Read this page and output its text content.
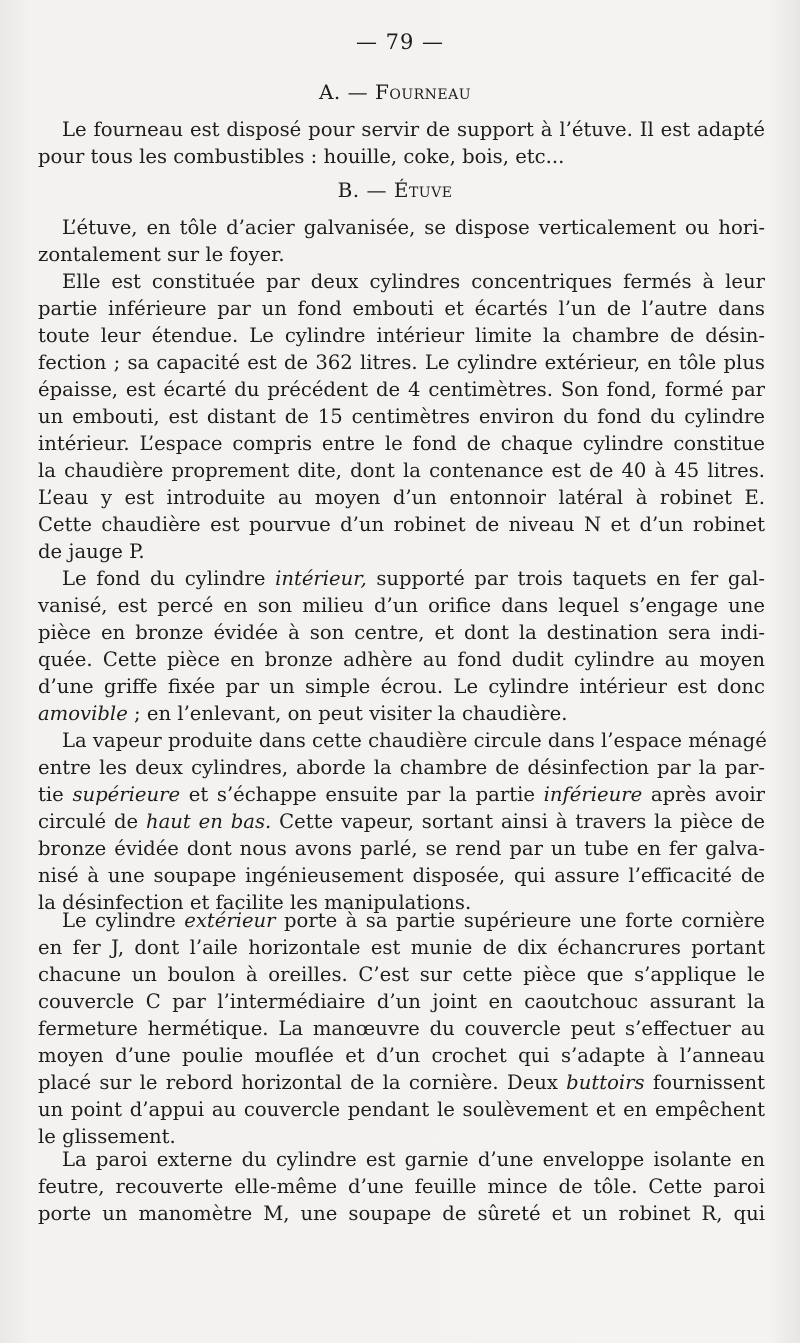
— 79 —
A. — Fourneau
Le fourneau est disposé pour servir de support à l’étuve. Il est adapté
pour tous les combustibles : houille, coke, bois, etc...
B. — Étuve
L’étuve, en tôle d’acier galvanisée, se dispose verticalement ou hori-
zontalement sur le foyer.
Elle est constituée par deux cylindres concentriques fermés à leur
partie inférieure par un fond embouti et écartés l’un de l’autre dans
toute leur étendue. Le cylindre intérieur limite la chambre de désin-
fection ; sa capacité est de 362 litres. Le cylindre extérieur, en tôle plus
épaisse, est écarté du précédent de 4 centimètres. Son fond, formé par
un embouti, est distant de 15 centimètres environ du fond du cylindre
intérieur. L’espace compris entre le fond de chaque cylindre constitue
la chaudière proprement dite, dont la contenance est de 40 à 45 litres.
L’eau y est introduite au moyen d’un entonnoir latéral à robinet E.
Cette chaudière est pourvue d’un robinet de niveau N et d’un robinet
de jauge P.
Le fond du cylindre intérieur, supporté par trois taquets en fer gal-
vanisé, est percé en son milieu d’un orifice dans lequel s’engage une
pièce en bronze évidée à son centre, et dont la destination sera indi-
quée. Cette pièce en bronze adhère au fond dudit cylindre au moyen
d’une griffe fixée par un simple écrou. Le cylindre intérieur est donc
amovible ; en l’enlevant, on peut visiter la chaudière.
La vapeur produite dans cette chaudière circule dans l’espace ménagé
entre les deux cylindres, aborde la chambre de désinfection par la par-
tie supérieure et s’échappe ensuite par la partie inférieure après avoir
circulé de haut en bas. Cette vapeur, sortant ainsi à travers la pièce de
bronze évidée dont nous avons parlé, se rend par un tube en fer galva-
nisé à une soupape ingénieusement disposée, qui assure l’efficacité de
la désinfection et facilite les manipulations.
Le cylindre extérieur porte à sa partie supérieure une forte cornière
en fer J, dont l’aile horizontale est munie de dix échancrures portant
chacune un boulon à oreilles. C’est sur cette pièce que s’applique le
couvercle C par l’intermédiaire d’un joint en caoutchouc assurant la
fermeture hermétique. La manœuvre du couvercle peut s’effectuer au
moyen d’une poulie mouflée et d’un crochet qui s’adapte à l’anneau
placé sur le rebord horizontal de la cornière. Deux buttoirs fournissent
un point d’appui au couvercle pendant le soulèvement et en empêchent
le glissement.
La paroi externe du cylindre est garnie d’une enveloppe isolante en
feutre, recouverte elle-même d’une feuille mince de tôle. Cette paroi
porte un manomètre M, une soupape de sûreté et un robinet R, qui
